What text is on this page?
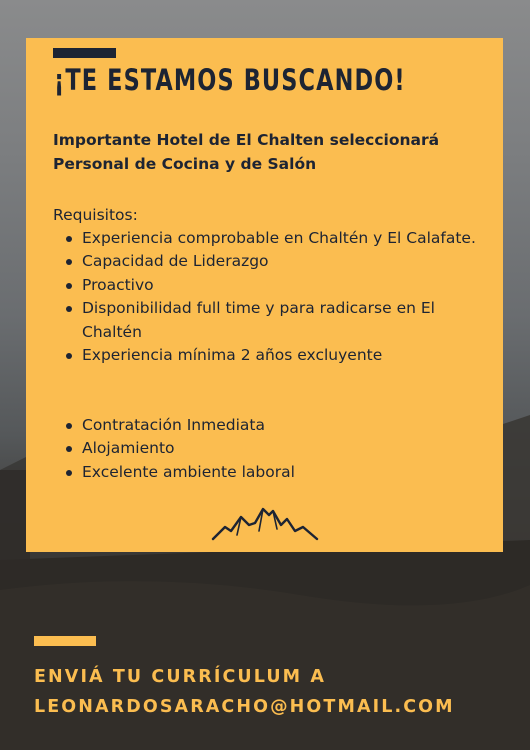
¡TE ESTAMOS BUSCANDO!

Importante Hotel de El Chalten seleccionará
Personal de Cocina y de Salón

Requisitos:

Experiencia comprobable en Chaltén y El Calafate.
Capacidad de Liderazgo
Proactivo
Disponibilidad full time y para radicarse en El Chaltén
Experiencia mínima 2 años excluyente
Contratación Inmediata
Alojamiento
Excelente ambiente laboral

ENVIÁ TU CURRÍCULUM A
LEONARDOSARACHO@HOTMAIL.COM
